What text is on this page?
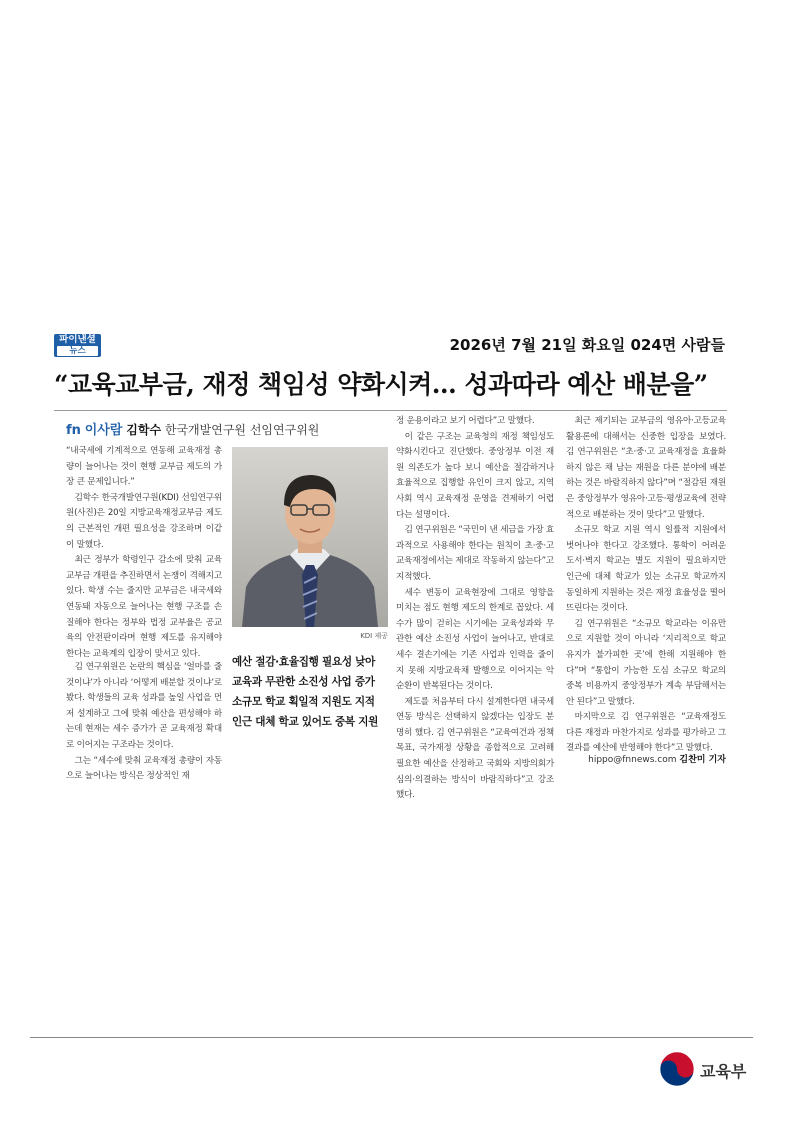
파이낸셜
뉴스	2026년 7월 21일 화요일 024면 사람들
“교육교부금, 재정 책임성 약화시켜… 성과따라 예산 배분을”
fn 이사람 김학수 한국개발연구원 선임연구위원

“내국세에 기계적으로 연동해 교육재정 총량이 늘어나는 것이 현행 교부금 제도의 가장 큰 문제입니다.”

김학수 한국개발연구원(KDI) 선임연구위원(사진)은 20일 지방교육재정교부금 제도의 근본적인 개편 필요성을 강조하며 이같이 말했다.

최근 정부가 학령인구 감소에 맞춰 교육교부금 개편을 추진하면서 논쟁이 격해지고 있다. 학생 수는 줄지만 교부금은 내국세와 연동돼 자동으로 늘어나는 현행 구조를 손질해야 한다는 정부와 법정 교부율은 공교육의 안전판이라며 현행 제도를 유지해야 한다는 교육계의 입장이 맞서고 있다.

김 연구위원은 논란의 핵심을 ‘얼마를 줄 것이냐’가 아니라 ‘어떻게 배분할 것이냐’로 봤다. 학생들의 교육 성과를 높일 사업을 먼저 설계하고 그에 맞춰 예산을 편성해야 하는데 현재는 세수 증가가 곧 교육재정 확대로 이어지는 구조라는 것이다.

그는 “세수에 맞춰 교육재정 총량이 자동으로 늘어나는 방식은 정상적인 재

KDI 제공
예산 절감·효율집행 필요성 낮아
교육과 무관한 소진성 사업 증가
소규모 학교 획일적 지원도 지적
인근 대체 학교 있어도 중복 지원

정 운용이라고 보기 어렵다”고 말했다.

이 같은 구조는 교육청의 재정 책임성도 약화시킨다고 진단했다. 중앙정부 이전 재원 의존도가 높다 보니 예산을 절감하거나 효율적으로 집행할 유인이 크지 않고, 지역사회 역시 교육재정 운영을 견제하기 어렵다는 설명이다.

김 연구위원은 “국민이 낸 세금을 가장 효과적으로 사용해야 한다는 원칙이 초·중·고 교육재정에서는 제대로 작동하지 않는다”고 지적했다.

세수 변동이 교육현장에 그대로 영향을 미치는 점도 현행 제도의 한계로 꼽았다. 세수가 많이 걷히는 시기에는 교육성과와 무관한 예산 소진성 사업이 늘어나고, 반대로 세수 결손기에는 기존 사업과 인력을 줄이지 못해 지방교육채 발행으로 이어지는 악순환이 반복된다는 것이다.

제도를 처음부터 다시 설계한다면 내국세 연동 방식은 선택하지 않겠다는 입장도 분명히 했다. 김 연구위원은 “교육여건과 정책 목표, 국가재정 상황을 종합적으로 고려해 필요한 예산을 산정하고 국회와 지방의회가 심의·의결하는 방식이 바람직하다”고 강조했다.

최근 제기되는 교부금의 영유아·고등교육 활용론에 대해서는 신중한 입장을 보였다. 김 연구위원은 “초·중·고 교육재정을 효율화하지 않은 채 남는 재원을 다른 분야에 배분하는 것은 바람직하지 않다”며 “절감된 재원은 중앙정부가 영유아·고등·평생교육에 전략적으로 배분하는 것이 맞다”고 말했다.

소규모 학교 지원 역시 일률적 지원에서 벗어나야 한다고 강조했다. 통학이 어려운 도서·벽지 학교는 별도 지원이 필요하지만 인근에 대체 학교가 있는 소규모 학교까지 동일하게 지원하는 것은 재정 효율성을 떨어뜨린다는 것이다.

김 연구위원은 “소규모 학교라는 이유만으로 지원할 것이 아니라 ‘지리적으로 학교 유지가 불가피한 곳’에 한해 지원해야 한다”며 “통합이 가능한 도심 소규모 학교의 중복 비용까지 중앙정부가 계속 부담해서는 안 된다”고 말했다.

마지막으로 김 연구위원은 “교육재정도 다른 재정과 마찬가지로 성과를 평가하고 그 결과를 예산에 반영해야 한다”고 말했다.

hippo@fnnews.com 김찬미 기자
교육부
